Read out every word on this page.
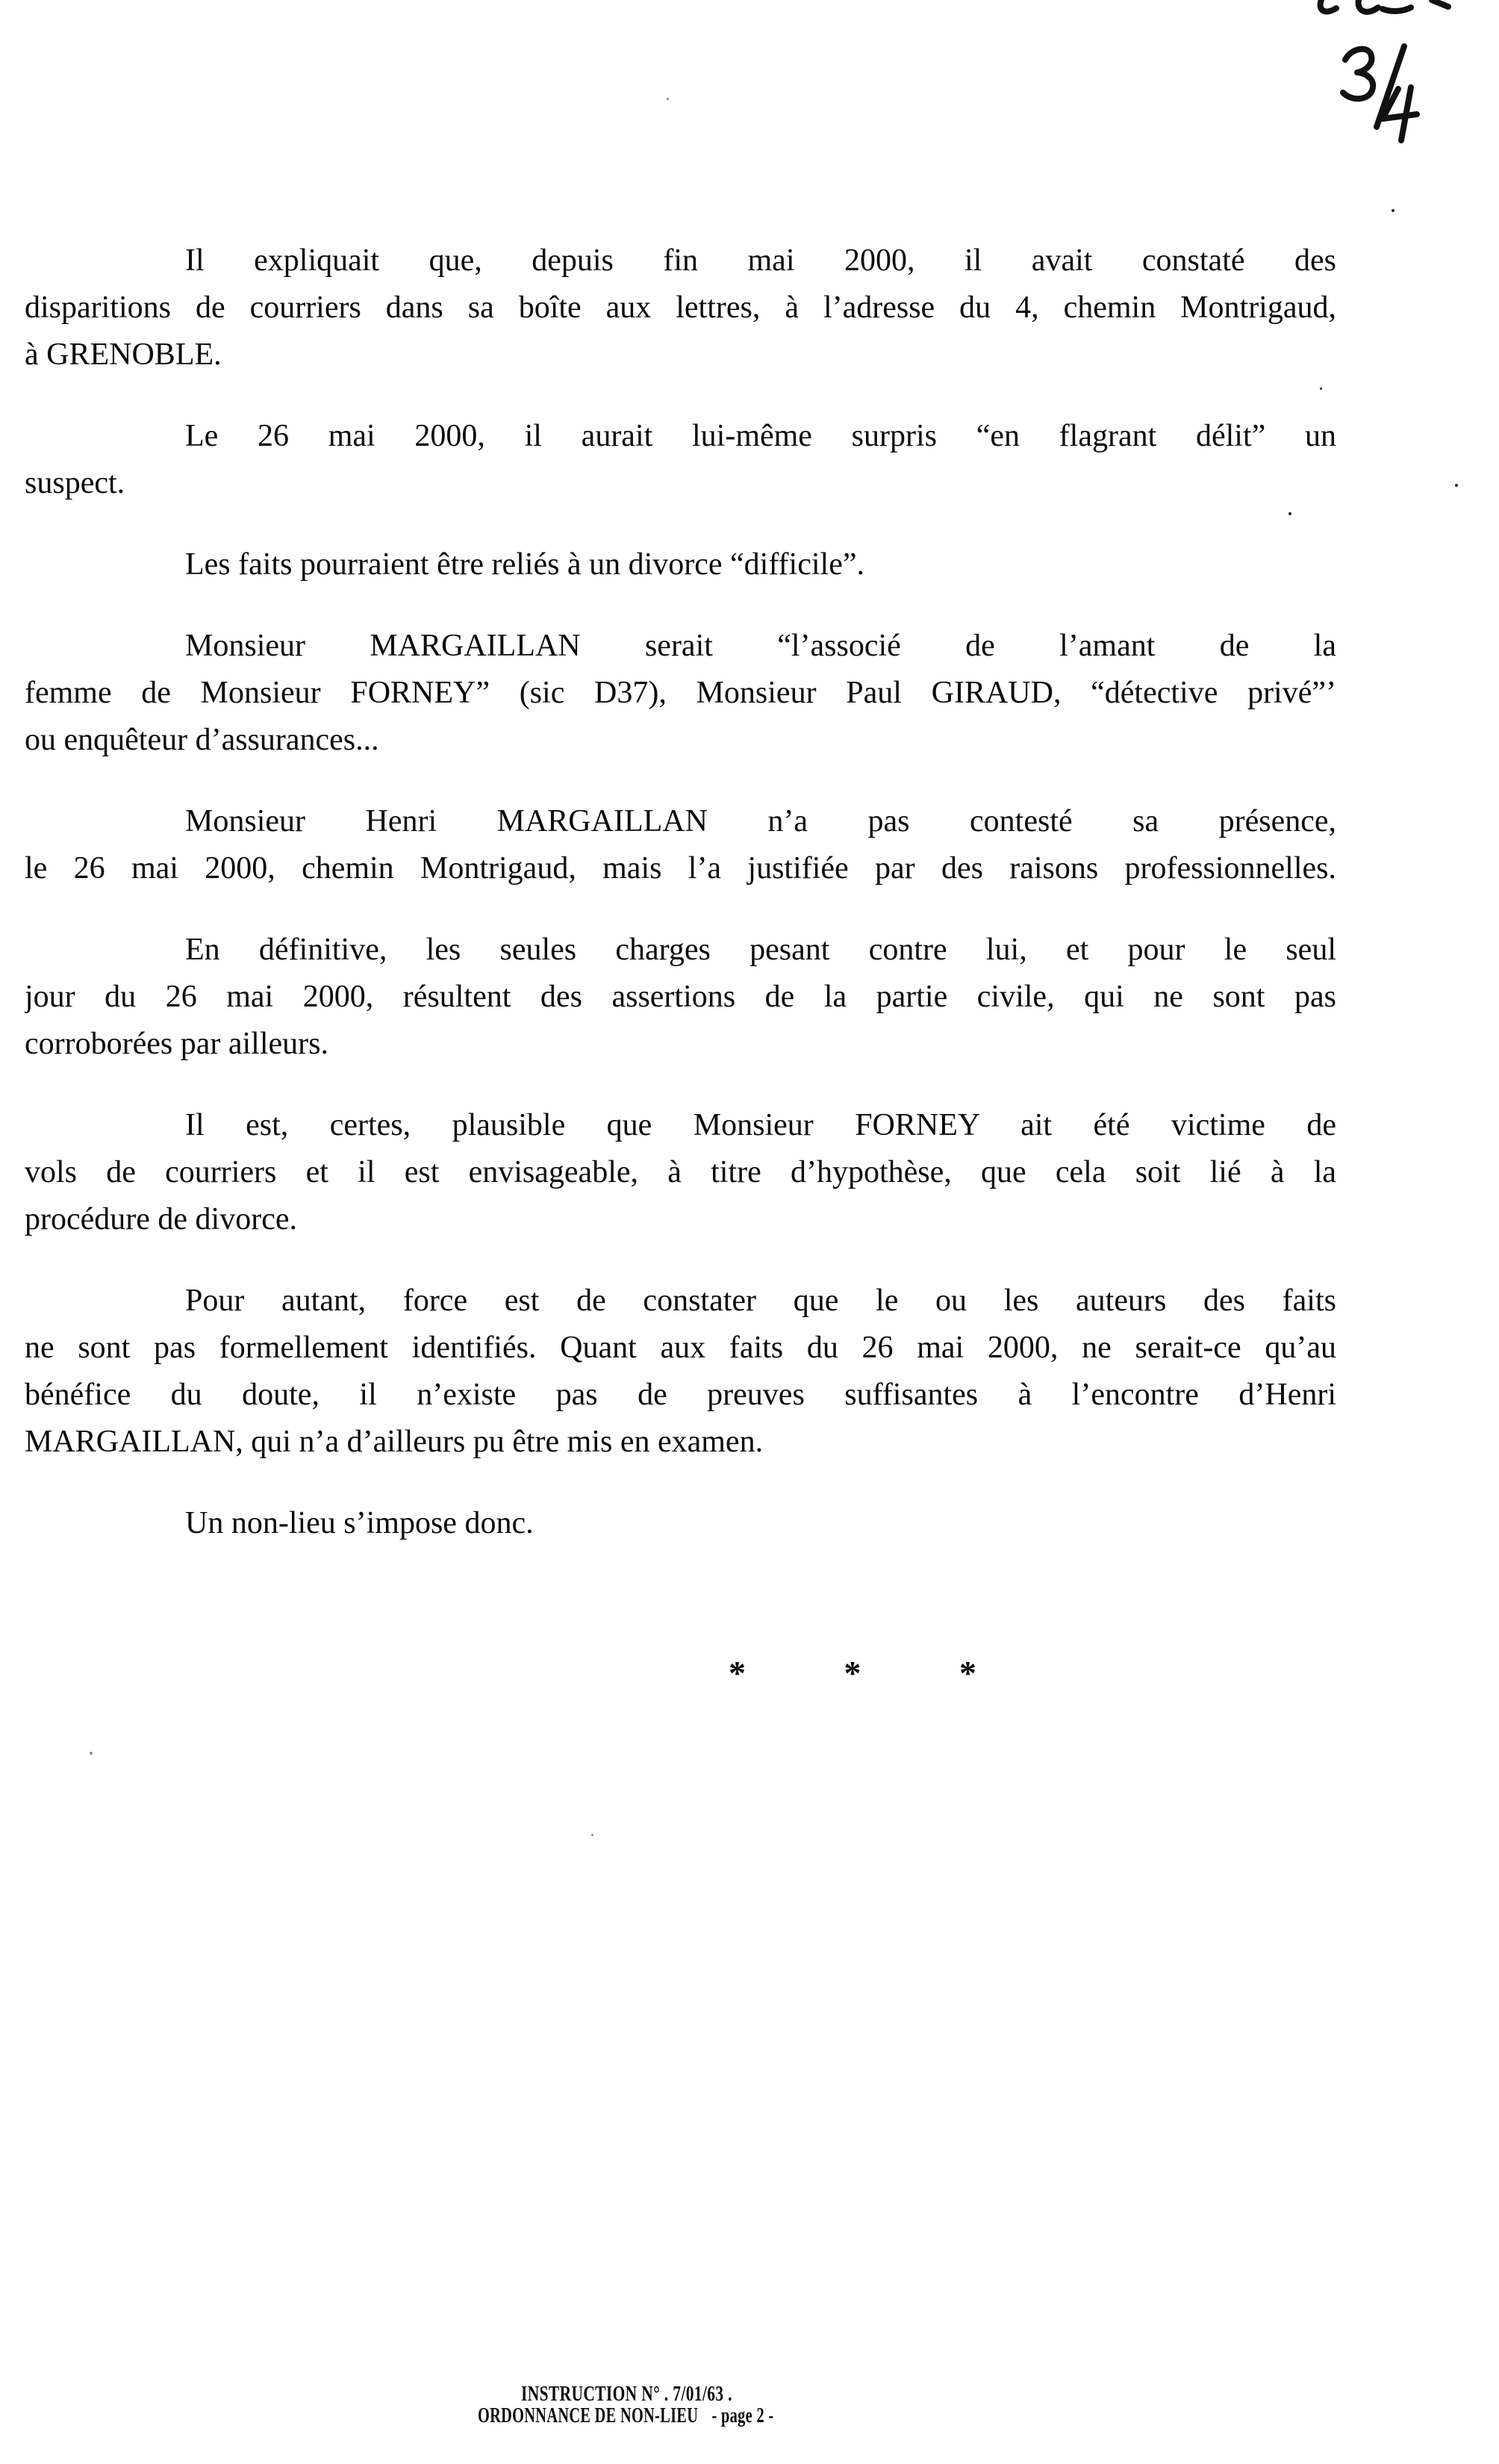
Il expliquait que, depuis fin mai 2000, il avait constaté des
disparitions de courriers dans sa boîte aux lettres, à l’adresse du 4, chemin Montrigaud,
à GRENOBLE.
Le 26 mai 2000, il aurait lui-même surpris “en flagrant délit” un
suspect.
Les faits pourraient être reliés à un divorce “difficile”.
Monsieur MARGAILLAN serait “l’associé de l’amant de la
femme de Monsieur FORNEY” (sic D37), Monsieur Paul GIRAUD, “détective privé”’
ou enquêteur d’assurances...
Monsieur Henri MARGAILLAN n’a pas contesté sa présence,
le 26 mai 2000, chemin Montrigaud, mais l’a justifiée par des raisons professionnelles.
En définitive, les seules charges pesant contre lui, et pour le seul
jour du 26 mai 2000, résultent des assertions de la partie civile, qui ne sont pas
corroborées par ailleurs.
Il est, certes, plausible que Monsieur FORNEY ait été victime de
vols de courriers et il est envisageable, à titre d’hypothèse, que cela soit lié à la
procédure de divorce.
Pour autant, force est de constater que le ou les auteurs des faits
ne sont pas formellement identifiés. Quant aux faits du 26 mai 2000, ne serait-ce qu’au
bénéfice du doute, il n’existe pas de preuves suffisantes à l’encontre d’Henri
MARGAILLAN, qui n’a d’ailleurs pu être mis en examen.
Un non-lieu s’impose donc.
*	*	*
INSTRUCTION N° . 7/01/63 .
ORDONNANCE DE NON-LIEU - page 2 -
